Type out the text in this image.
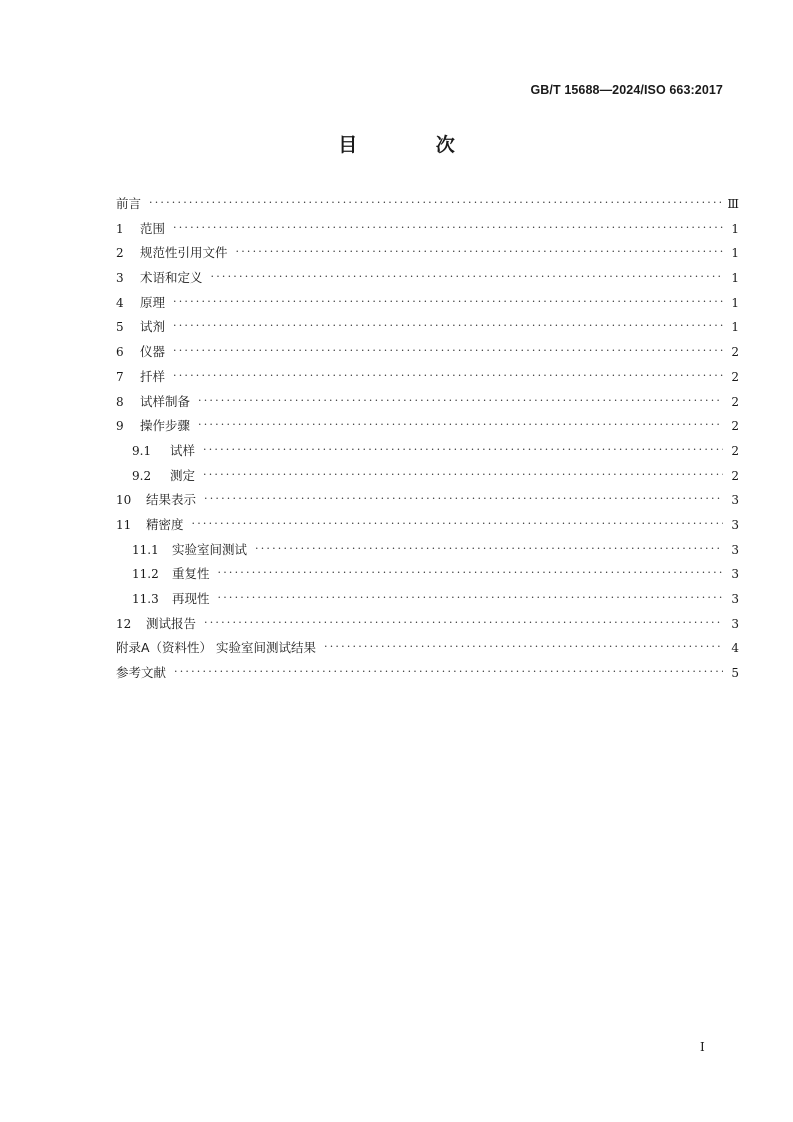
GB/T 15688—2024/ISO 663:2017
目 次
前言 ·····	Ⅲ
1	范围 ·····	1
2	规范性引用文件 ·····	1
3	术语和定义 ·····	1
4	原理 ·····	1
5	试剂 ·····	1
6	仪器 ·····	2
7	扦样 ·····	2
8	试样制备 ·····	2
9	操作步骤 ·····	2
9.1	试样 ·····	2
9.2	测定 ·····	2
10	结果表示 ·····	3
11	精密度 ·····	3
11.1 实验室间测试 ·····	3
11.2 重复性 ·····	3
11.3 再现性 ·····	3
12	测试报告 ·····	3
附录A（资料性） 实验室间测试结果 ·····	4
参考文献 ·····	5
I
